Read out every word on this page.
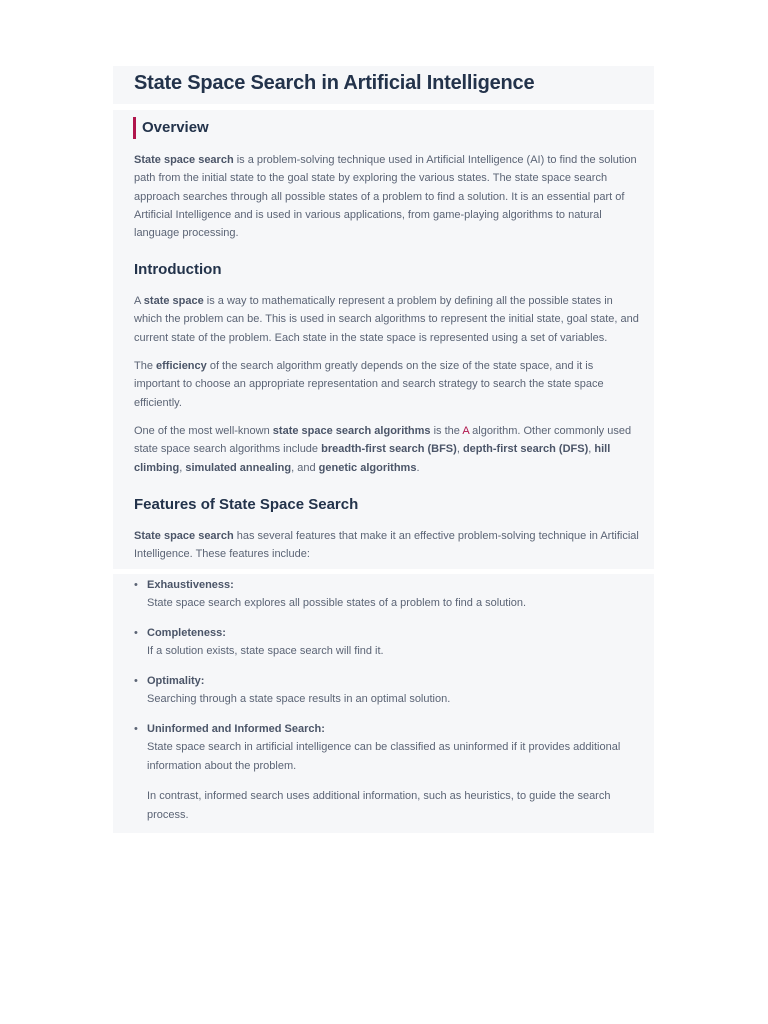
State Space Search in Artificial Intelligence
Overview

State space search is a problem-solving technique used in Artificial Intelligence (AI) to find the solution path from the initial state to the goal state by exploring the various states. The state space search approach searches through all possible states of a problem to find a solution. It is an essential part of Artificial Intelligence and is used in various applications, from game-playing algorithms to natural language processing.

Introduction

A state space is a way to mathematically represent a problem by defining all the possible states in which the problem can be. This is used in search algorithms to represent the initial state, goal state, and current state of the problem. Each state in the state space is represented using a set of variables.

The efficiency of the search algorithm greatly depends on the size of the state space, and it is important to choose an appropriate representation and search strategy to search the state space efficiently.

One of the most well-known state space search algorithms is the A algorithm. Other commonly used state space search algorithms include breadth-first search (BFS), depth-first search (DFS), hill climbing, simulated annealing, and genetic algorithms.

Features of State Space Search

State space search has several features that make it an effective problem-solving technique in Artificial Intelligence. These features include:

• Exhaustiveness:

State space search explores all possible states of a problem to find a solution.

• Completeness:

If a solution exists, state space search will find it.

• Optimality:

Searching through a state space results in an optimal solution.

• Uninformed and Informed Search:

State space search in artificial intelligence can be classified as uninformed if it provides additional information about the problem.

In contrast, informed search uses additional information, such as heuristics, to guide the search process.
